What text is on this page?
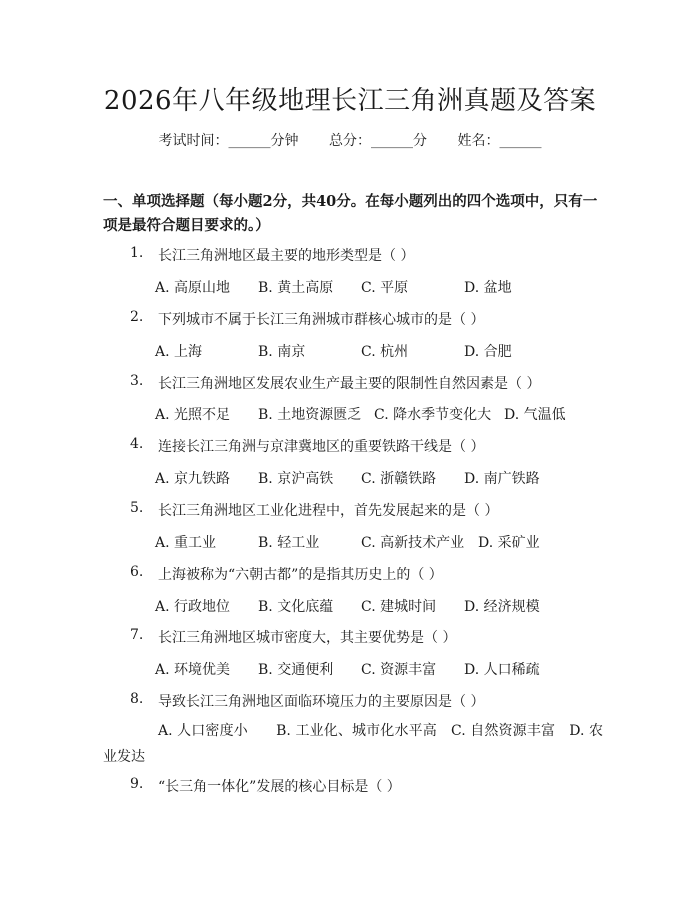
2026年八年级地理长江三角洲真题及答案
考试时间：______分钟 总分：______分 姓名：______
一、单项选择题（每小题2分，共40分。在每小题列出的四个选项中，只有一项是最符合题目要求的。）
1. 长江三角洲地区最主要的地形类型是（ ）
A. 高原山地 B. 黄土高原 C. 平原	D. 盆地
2. 下列城市不属于长江三角洲城市群核心城市的是（ ）
A. 上海	B. 南京	C. 杭州	D. 合肥
3. 长江三角洲地区发展农业生产最主要的限制性自然因素是（ ）
A. 光照不足 B. 土地资源匮乏 C. 降水季节变化大 D. 气温低
4. 连接长江三角洲与京津冀地区的重要铁路干线是（ ）
A. 京九铁路 B. 京沪高铁 C. 浙赣铁路 D. 南广铁路
5. 长江三角洲地区工业化进程中，首先发展起来的是（ ）
A. 重工业	B. 轻工业	C. 高新技术产业 D. 采矿业
6. 上海被称为“六朝古都”的是指其历史上的（ ）
A. 行政地位 B. 文化底蕴 C. 建城时间 D. 经济规模
7. 长江三角洲地区城市密度大，其主要优势是（ ）
A. 环境优美 B. 交通便利 C. 资源丰富 D. 人口稀疏
8. 导致长江三角洲地区面临环境压力的主要原因是（ ）
A. 人口密度小　　B. 工业化、城市化水平高　C. 自然资源丰富　D. 农业发达
9. “长三角一体化”发展的核心目标是（ ）
